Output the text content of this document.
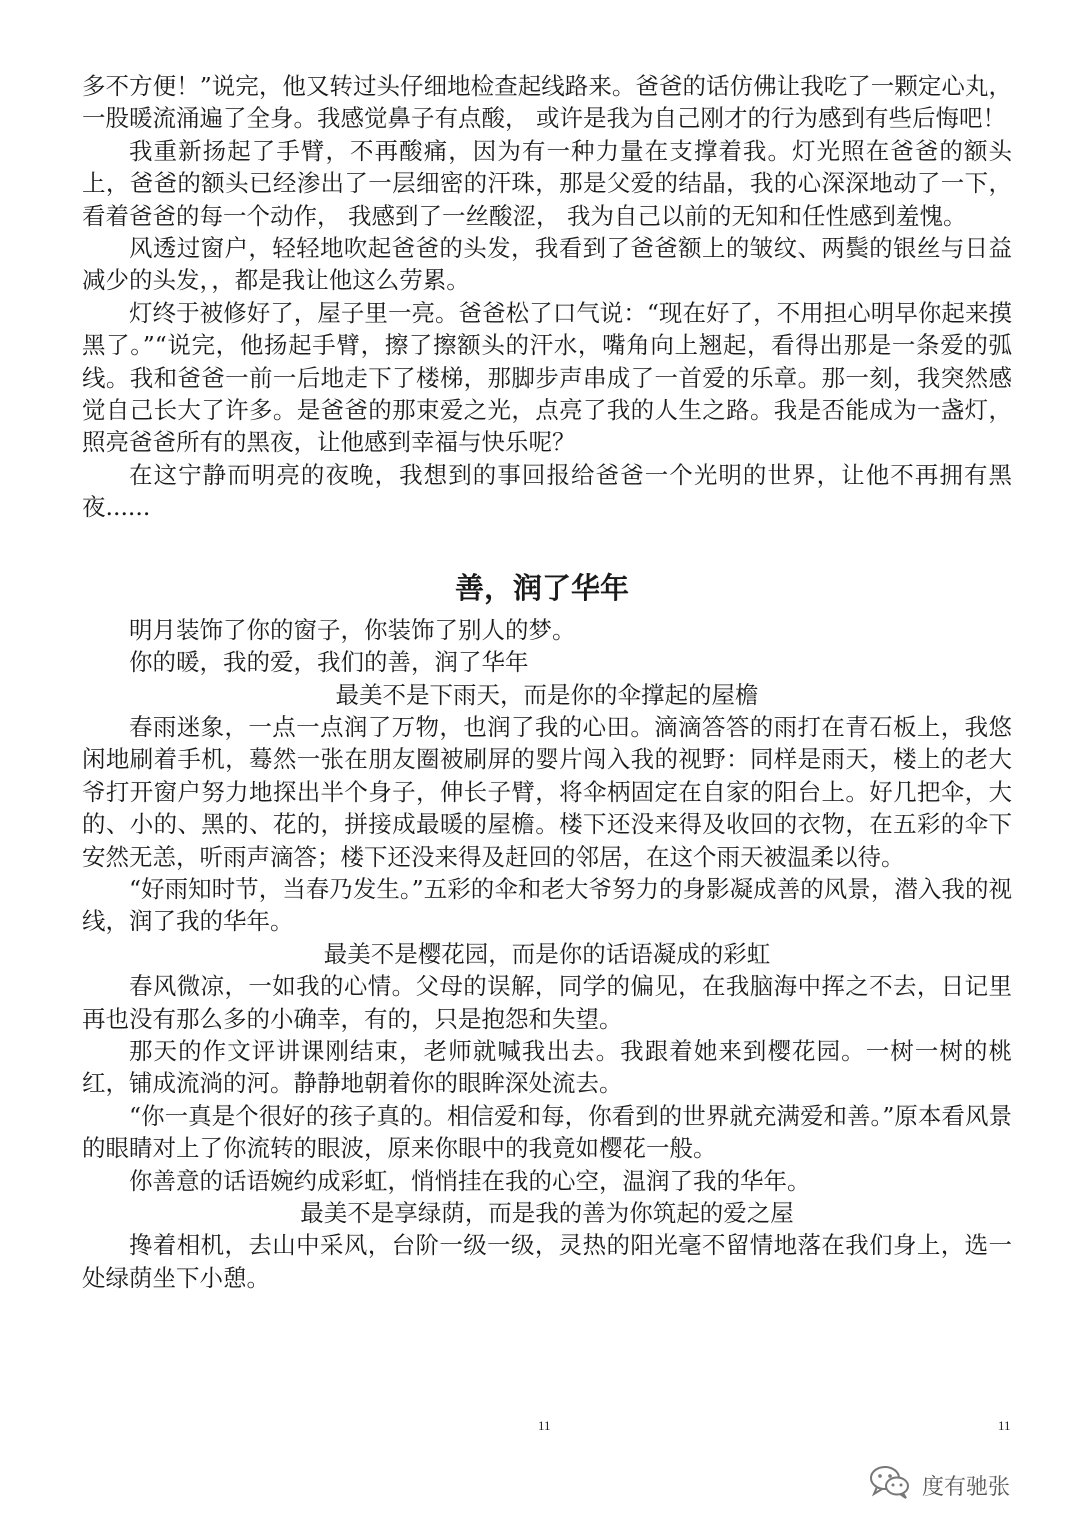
多不方便！”说完，他又转过头仔细地检查起线路来。爸爸的话仿佛让我吃了一颗定心丸， 一股暖流涌遍了全身。我感觉鼻子有点酸， 或许是我为自己刚才的行为感到有些后悔吧！

我重新扬起了手臂，不再酸痛，因为有一种力量在支撑着我。灯光照在爸爸的额头上，爸爸的额头已经渗出了一层细密的汗珠，那是父爱的结晶，我的心深深地动了一下，看着爸爸的每一个动作， 我感到了一丝酸涩， 我为自己以前的无知和任性感到羞愧。

风透过窗户，轻轻地吹起爸爸的头发，我看到了爸爸额上的皱纹、两鬓的银丝与日益减少的头发，，都是我让他这么劳累。

灯终于被修好了，屋子里一亮。爸爸松了口气说：“现在好了，不用担心明早你起来摸黑了。”“说完，他扬起手臂，擦了擦额头的汗水，嘴角向上翘起，看得出那是一条爱的弧线。我和爸爸一前一后地走下了楼梯，那脚步声串成了一首爱的乐章。那一刻，我突然感觉自己长大了许多。是爸爸的那束爱之光，点亮了我的人生之路。我是否能成为一盏灯，照亮爸爸所有的黑夜，让他感到幸福与快乐呢？

在这宁静而明亮的夜晚，我想到的事回报给爸爸一个光明的世界，让他不再拥有黑夜......

善，润了华年

明月装饰了你的窗子，你装饰了别人的梦。

你的暖，我的爱，我们的善，润了华年

最美不是下雨天，而是你的伞撑起的屋檐

春雨迷象，一点一点润了万物，也润了我的心田。滴滴答答的雨打在青石板上，我悠闲地刷着手机，蓦然一张在朋友圈被刷屏的婴片闯入我的视野：同样是雨天，楼上的老大爷打开窗户努力地探出半个身子，伸长子臂，将伞柄固定在自家的阳台上。好几把伞，大的、小的、黑的、花的，拼接成最暖的屋檐。楼下还没来得及收回的衣物，在五彩的伞下安然无恙，听雨声滴答；楼下还没来得及赶回的邻居，在这个雨天被温柔以待。

“好雨知时节，当春乃发生。”五彩的伞和老大爷努力的身影凝成善的风景，潜入我的视线，润了我的华年。

最美不是樱花园，而是你的话语凝成的彩虹

春风微凉，一如我的心情。父母的误解，同学的偏见，在我脑海中挥之不去，日记里再也没有那么多的小确幸，有的，只是抱怨和失望。

那天的作文评讲课刚结束，老师就喊我出去。我跟着她来到樱花园。一树一树的桃红，铺成流淌的河。静静地朝着你的眼眸深处流去。

“你一真是个很好的孩子真的。相信爱和每，你看到的世界就充满爱和善。”原本看风景的眼睛对上了你流转的眼波，原来你眼中的我竟如樱花一般。

你善意的话语婉约成彩虹，悄悄挂在我的心空，温润了我的华年。

最美不是享绿荫，而是我的善为你筑起的爱之屋

搀着相机，去山中采风，台阶一级一级，灵热的阳光毫不留情地落在我们身上，选一处绿荫坐下小憩。

11	11
度有驰张
